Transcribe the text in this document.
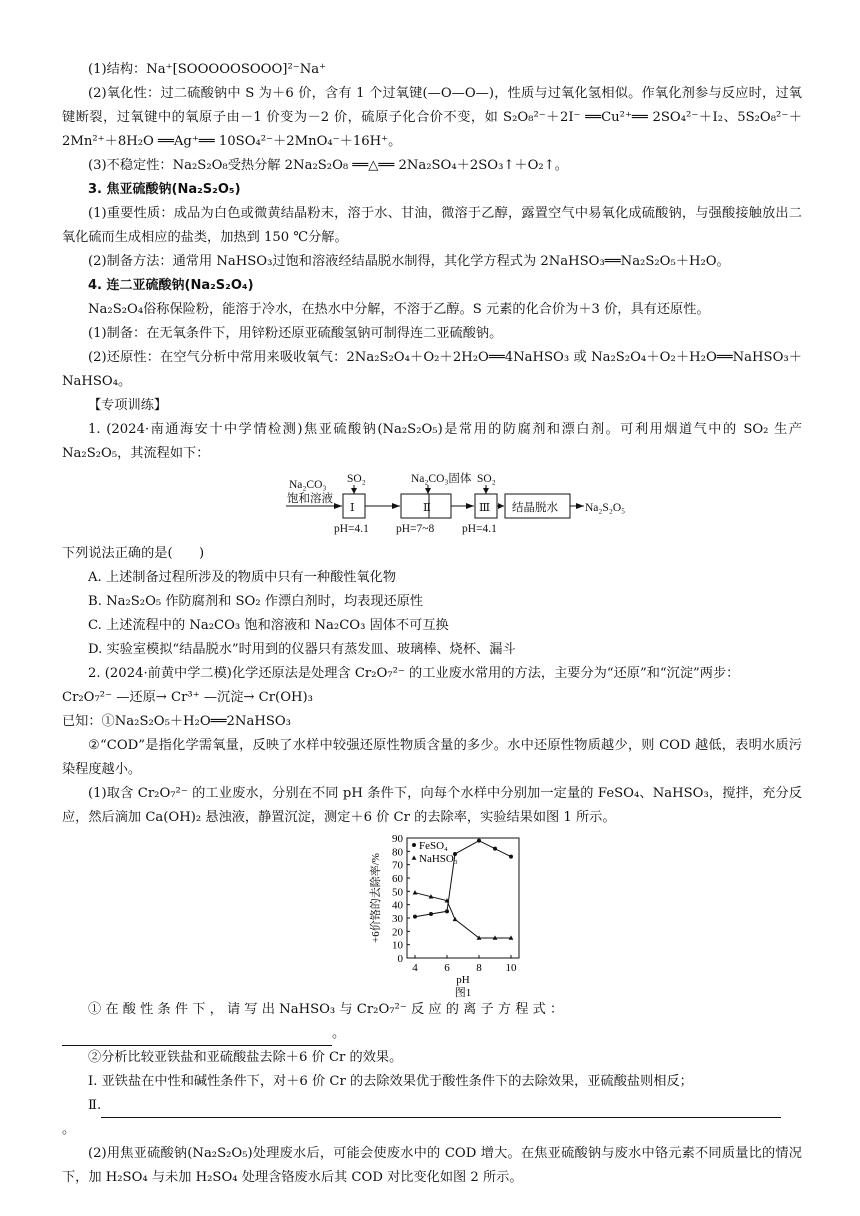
(1)结构：Na⁺[SOOOOOSOOO]²⁻Na⁺

(2)氧化性：过二硫酸钠中 S 为＋6 价，含有 1 个过氧键(—O—O—)，性质与过氧化氢相似。作氧化剂参与反应时，过氧键断裂，过氧键中的氧原子由－1 价变为－2 价，硫原子化合价不变，如 S₂O₈²⁻＋2I⁻ ══Cu²⁺══ 2SO₄²⁻＋I₂、5S₂O₈²⁻＋2Mn²⁺＋8H₂O ══Ag⁺══ 10SO₄²⁻＋2MnO₄⁻＋16H⁺。

(3)不稳定性：Na₂S₂O₈受热分解 2Na₂S₂O₈ ══△══ 2Na₂SO₄＋2SO₃↑＋O₂↑。

3. 焦亚硫酸钠(Na₂S₂O₅)

(1)重要性质：成品为白色或微黄结晶粉末，溶于水、甘油，微溶于乙醇，露置空气中易氧化成硫酸钠，与强酸接触放出二氧化硫而生成相应的盐类，加热到 150 ℃分解。

(2)制备方法：通常用 NaHSO₃过饱和溶液经结晶脱水制得，其化学方程式为 2NaHSO₃══Na₂S₂O₅＋H₂O。

4. 连二亚硫酸钠(Na₂S₂O₄)

Na₂S₂O₄俗称保险粉，能溶于冷水，在热水中分解，不溶于乙醇。S 元素的化合价为＋3 价，具有还原性。

(1)制备：在无氧条件下，用锌粉还原亚硫酸氢钠可制得连二亚硫酸钠。

(2)还原性：在空气分析中常用来吸收氧气：2Na₂S₂O₄＋O₂＋2H₂O══4NaHSO₃ 或 Na₂S₂O₄＋O₂＋H₂O══NaHSO₃＋NaHSO₄。

【专项训练】

1. (2024·南通海安十中学情检测)焦亚硫酸钠(Na₂S₂O₅)是常用的防腐剂和漂白剂。可利用烟道气中的 SO₂ 生产 Na₂S₂O₅，其流程如下：

Na₂CO₃
饱和溶液
Ⅰ
SO₂
Ⅱ
Na₂CO₃固体
Ⅲ
SO₂
结晶脱水 Na₂S₂O₅
pH=4.1 pH=7~8 pH=4.1

下列说法正确的是(　　)

A. 上述制备过程所涉及的物质中只有一种酸性氧化物

B. Na₂S₂O₅ 作防腐剂和 SO₂ 作漂白剂时，均表现还原性

C. 上述流程中的 Na₂CO₃ 饱和溶液和 Na₂CO₃ 固体不可互换

D. 实验室模拟“结晶脱水”时用到的仪器只有蒸发皿、玻璃棒、烧杯、漏斗

2. (2024·前黄中学二模)化学还原法是处理含 Cr₂O₇²⁻ 的工业废水常用的方法，主要分为“还原”和“沉淀”两步：

Cr₂O₇²⁻ —还原→ Cr³⁺ —沉淀→ Cr(OH)₃

已知：①Na₂S₂O₅＋H₂O══2NaHSO₃

②“COD”是指化学需氧量，反映了水样中较强还原性物质含量的多少。水中还原性物质越少，则 COD 越低，表明水质污染程度越小。

(1)取含 Cr₂O₇²⁻ 的工业废水，分别在不同 pH 条件下，向每个水样中分别加一定量的 FeSO₄、NaHSO₃，搅拌，充分反应，然后滴加 Ca(OH)₂ 悬浊液，静置沉淀，测定＋6 价 Cr 的去除率，实验结果如图 1 所示。

0
10
20
30
40
50
60
70
80
90
4 6 8 10
pH
图1
+6价铬的去除率/%
FeSO₄
NaHSO₃

① 在 酸 性 条 件 下 ， 请 写 出 NaHSO₃ 与 Cr₂O₇²⁻ 反 应 的 离 子 方 程 式 ：

。

②分析比较亚铁盐和亚硫酸盐去除＋6 价 Cr 的效果。

Ⅰ. 亚铁盐在中性和碱性条件下，对＋6 价 Cr 的去除效果优于酸性条件下的去除效果，亚硫酸盐则相反；

Ⅱ.

。

(2)用焦亚硫酸钠(Na₂S₂O₅)处理废水后，可能会使废水中的 COD 增大。在焦亚硫酸钠与废水中铬元素不同质量比的情况下，加 H₂SO₄ 与未加 H₂SO₄ 处理含铬废水后其 COD 对比变化如图 2 所示。
